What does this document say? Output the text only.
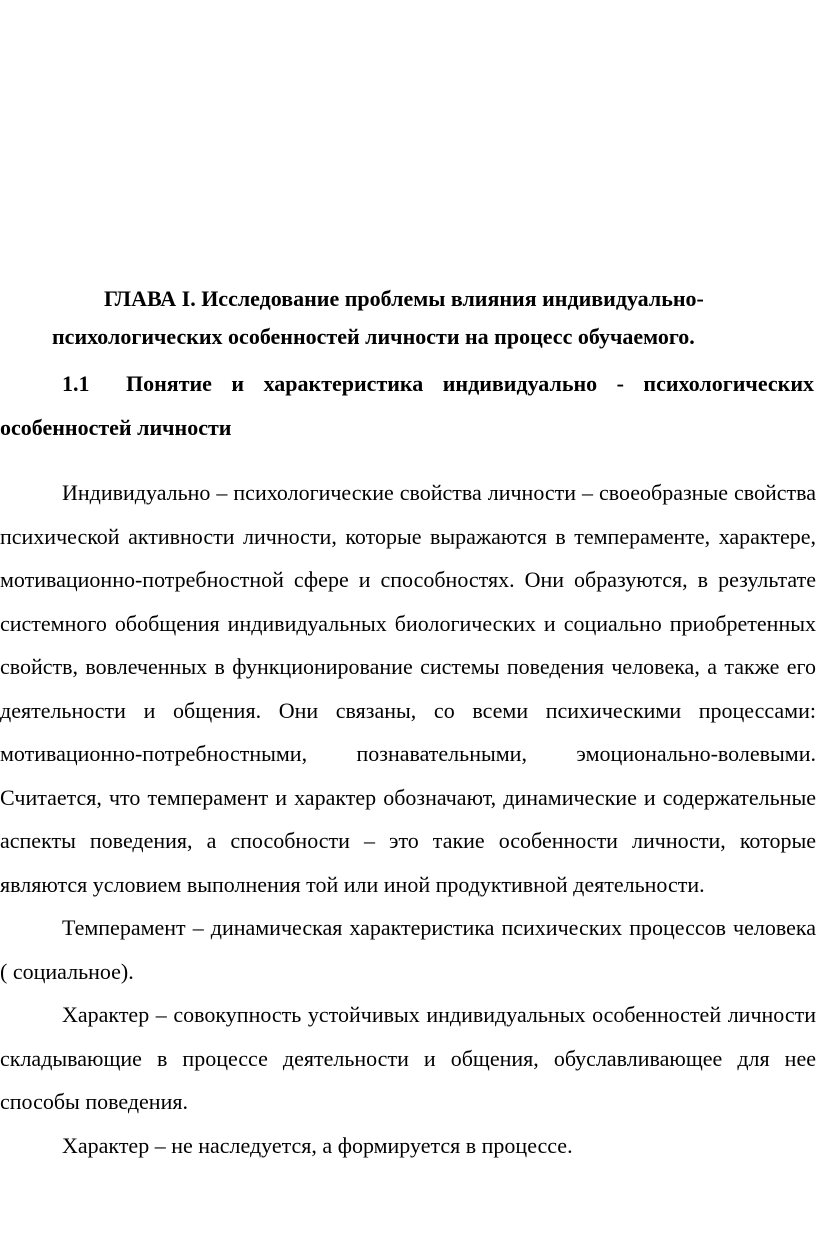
ГЛАВА I. Исследование проблемы влияния индивидуально-
психологических особенностей личности на процесс обучаемого.
1.1	Понятие и характеристика индивидуально - психологических
особенностей личности

Индивидуально – психологические свойства личности – своеобразные свойства психической активности личности, которые выражаются в темпераменте, характере, мотивационно-потребностной сфере и способностях. Они образуются, в результате системного обобщения индивидуальных биологических и социально приобретенных свойств, вовлеченных в функционирование системы поведения человека, а также его деятельности и общения. Они связаны, со всеми психическими процессами: мотивационно-потребностными, познавательными, эмоционально-волевыми. Считается, что темперамент и характер обозначают, динамические и содержательные аспекты поведения, а способности – это такие особенности личности, которые являются условием выполнения той или иной продуктивной деятельности.

Темперамент – динамическая характеристика психических процессов человека ( социальное).

Характер – совокупность устойчивых индивидуальных особенностей личности складывающие в процессе деятельности и общения, обуславливающее для нее способы поведения.

Характер – не наследуется, а формируется в процессе.
